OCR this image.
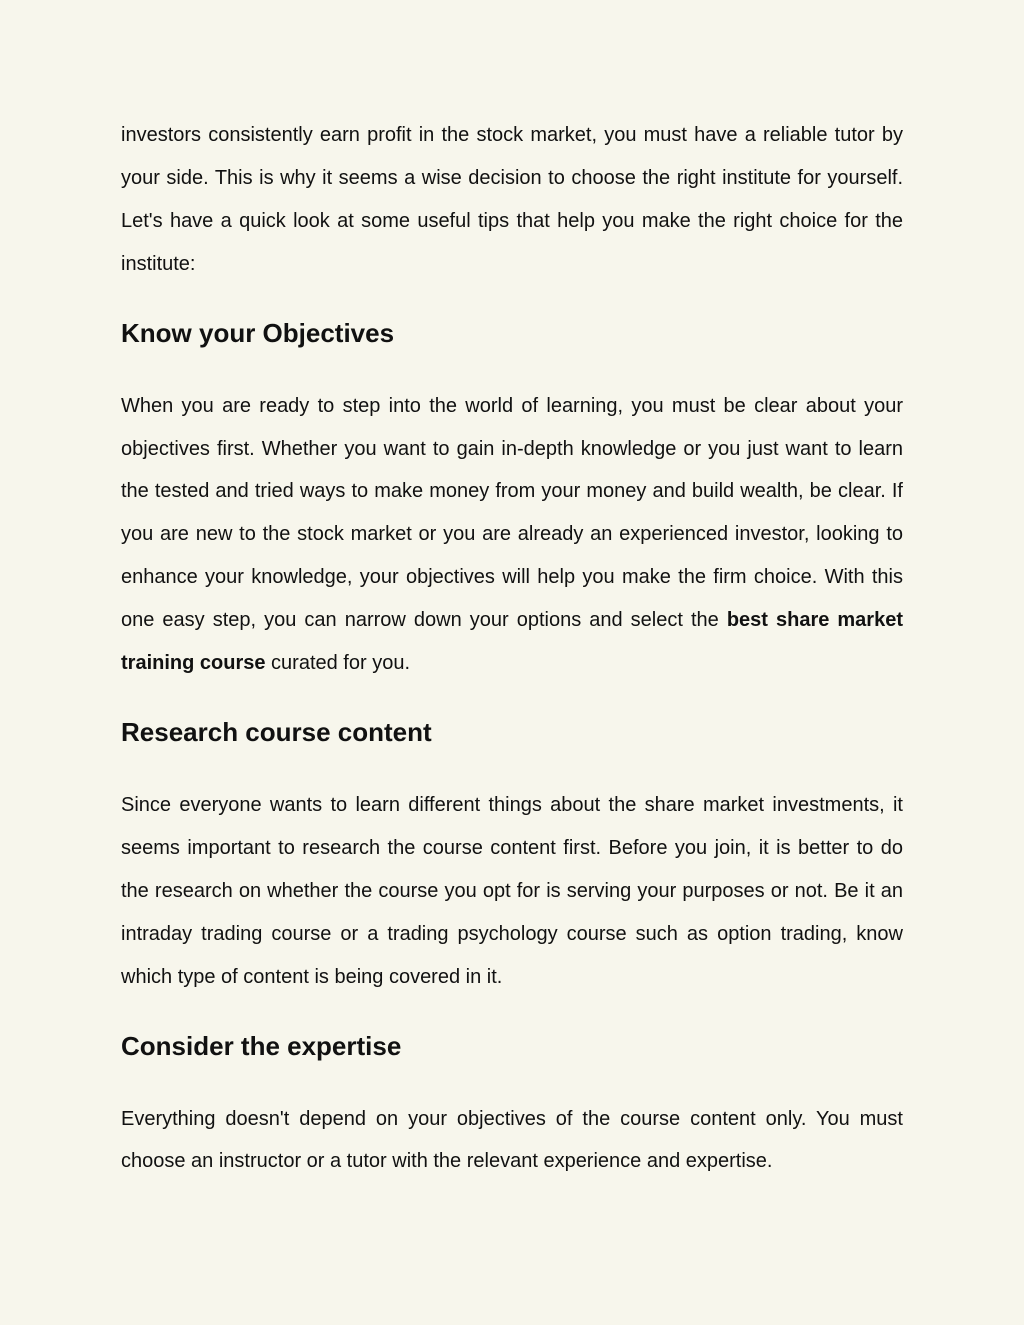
investors consistently earn profit in the stock market, you must have a reliable tutor by your side. This is why it seems a wise decision to choose the right institute for yourself. Let's have a quick look at some useful tips that help you make the right choice for the institute:

Know your Objectives

When you are ready to step into the world of learning, you must be clear about your objectives first. Whether you want to gain in-depth knowledge or you just want to learn the tested and tried ways to make money from your money and build wealth, be clear. If you are new to the stock market or you are already an experienced investor, looking to enhance your knowledge, your objectives will help you make the firm choice. With this one easy step, you can narrow down your options and select the best share market training course curated for you.

Research course content

Since everyone wants to learn different things about the share market investments, it seems important to research the course content first. Before you join, it is better to do the research on whether the course you opt for is serving your purposes or not. Be it an intraday trading course or a trading psychology course such as option trading, know which type of content is being covered in it.

Consider the expertise

Everything doesn't depend on your objectives of the course content only. You must choose an instructor or a tutor with the relevant experience and expertise.
